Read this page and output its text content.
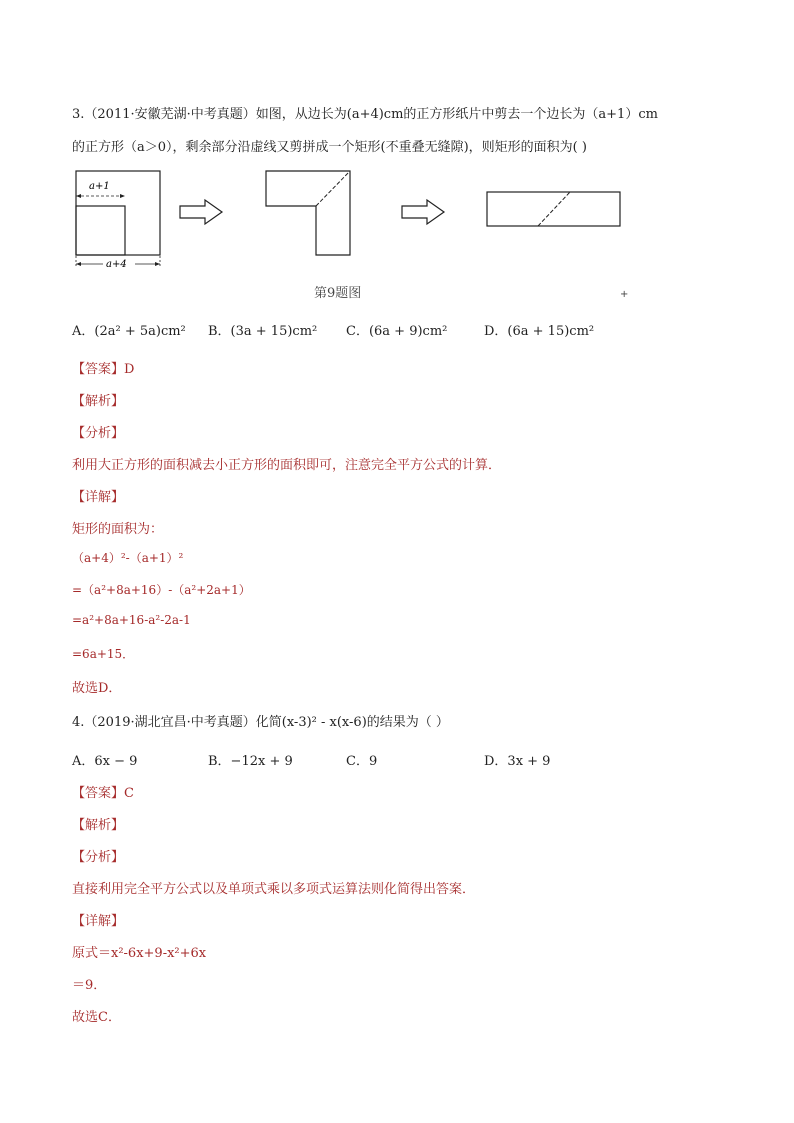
3.（2011·安徽芜湖·中考真题）如图，从边长为(a+4)cm的正方形纸片中剪去一个边长为（a+1）cm
的正方形（a＞0），剩余部分沿虚线又剪拼成一个矩形(不重叠无缝隙)，则矩形的面积为( )
a+1
a+4
第9题图	+
A．(2a² + 5a)cm² B．(3a + 15)cm² C．(6a + 9)cm²	D．(6a + 15)cm²
【答案】D
【解析】
【分析】
利用大正方形的面积减去小正方形的面积即可，注意完全平方公式的计算．
【详解】
矩形的面积为：
（a+4）²-（a+1）²
=（a²+8a+16）-（a²+2a+1）
=a²+8a+16-a²-2a-1
=6a+15．
故选D．
4.（2019·湖北宜昌·中考真题）化简(x-3)² - x(x-6)的结果为（ ）
A．6x − 9	B．−12x + 9	C．9	D．3x + 9
【答案】C
【解析】
【分析】
直接利用完全平方公式以及单项式乘以多项式运算法则化简得出答案．
【详解】
原式＝x²-6x+9-x²+6x
＝9．
故选C．
